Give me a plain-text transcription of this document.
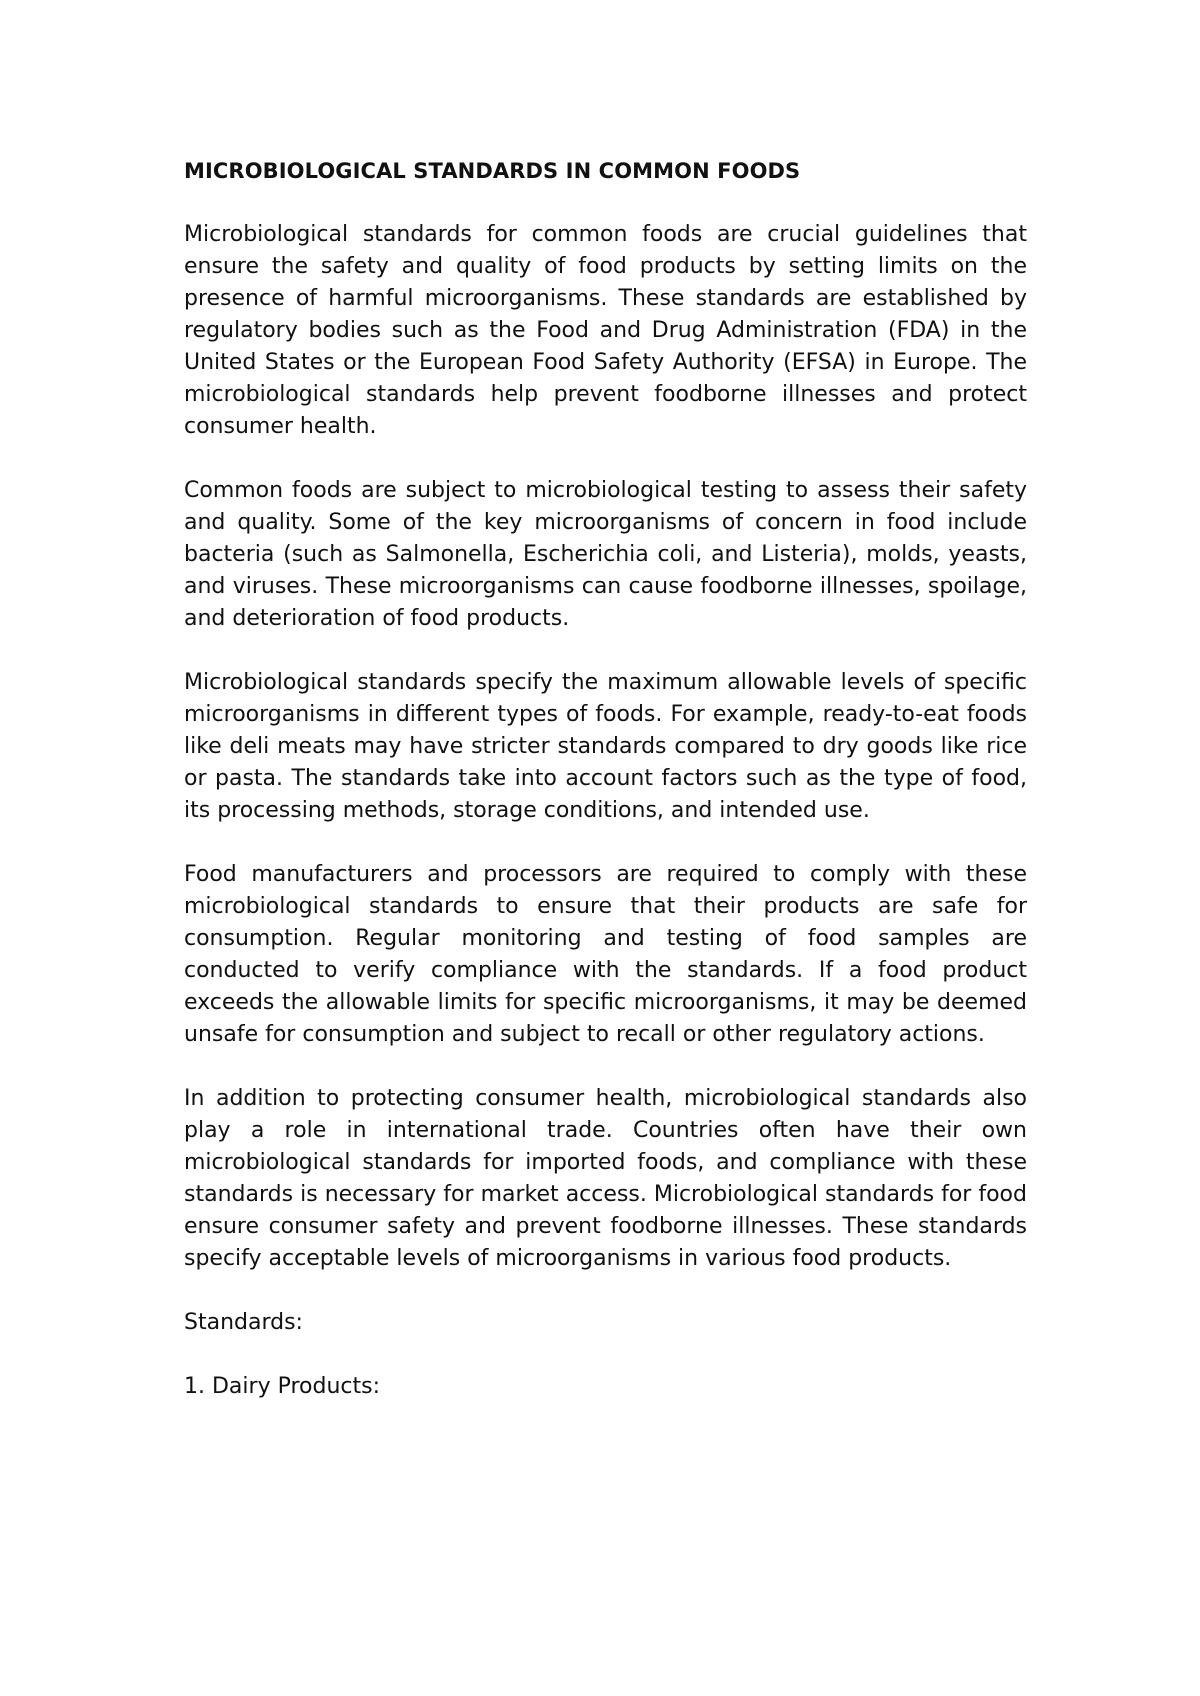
MICROBIOLOGICAL STANDARDS IN COMMON FOODS

Microbiological standards for common foods are crucial guidelines that ensure the safety and quality of food products by setting limits on the presence of harmful microorganisms. These standards are established by regulatory bodies such as the Food and Drug Administration (FDA) in the United States or the European Food Safety Authority (EFSA) in Europe. The microbiological standards help prevent foodborne illnesses and protect consumer health.

Common foods are subject to microbiological testing to assess their safety and quality. Some of the key microorganisms of concern in food include bacteria (such as Salmonella, Escherichia coli, and Listeria), molds, yeasts, and viruses. These microorganisms can cause foodborne illnesses, spoilage, and deterioration of food products.

Microbiological standards specify the maximum allowable levels of specific microorganisms in different types of foods. For example, ready-to-eat foods like deli meats may have stricter standards compared to dry goods like rice or pasta. The standards take into account factors such as the type of food, its processing methods, storage conditions, and intended use.

Food manufacturers and processors are required to comply with these microbiological standards to ensure that their products are safe for consumption. Regular monitoring and testing of food samples are conducted to verify compliance with the standards. If a food product exceeds the allowable limits for specific microorganisms, it may be deemed unsafe for consumption and subject to recall or other regulatory actions.

In addition to protecting consumer health, microbiological standards also play a role in international trade. Countries often have their own microbiological standards for imported foods, and compliance with these standards is necessary for market access. Microbiological standards for food ensure consumer safety and prevent foodborne illnesses. These standards specify acceptable levels of microorganisms in various food products.

Standards:
1. Dairy Products:
